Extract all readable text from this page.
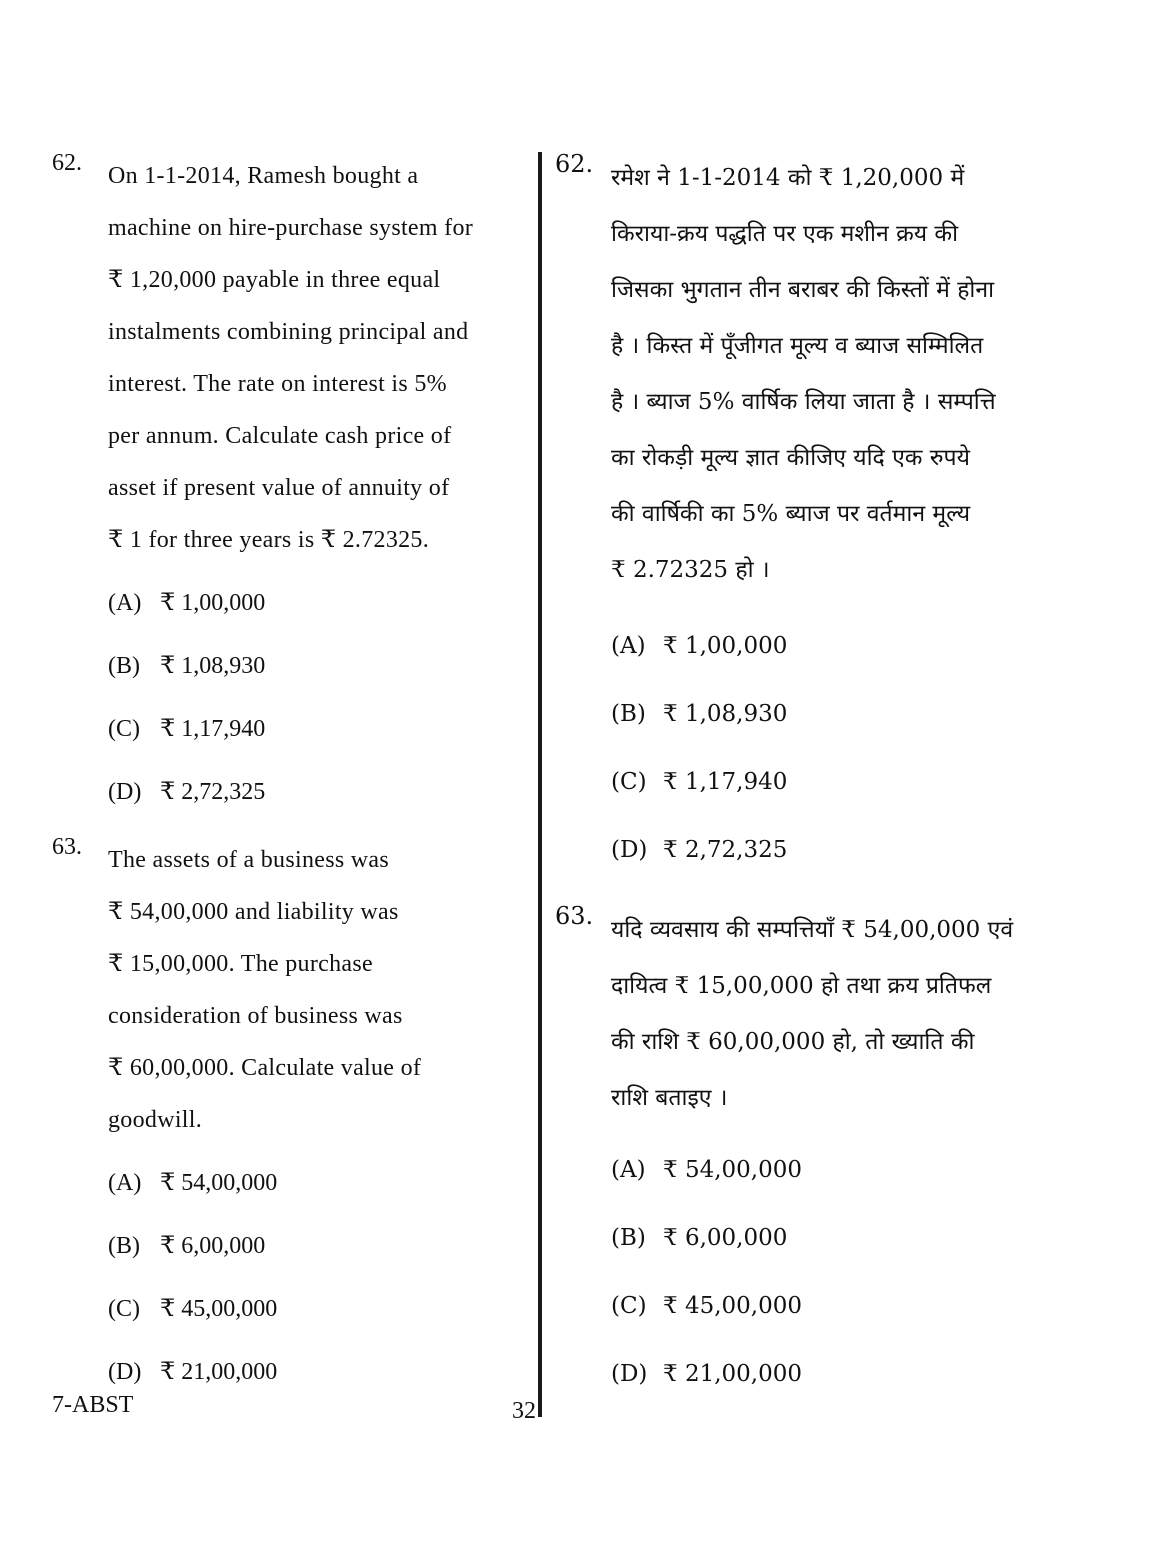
62. On 1-1-2014, Ramesh bought a
machine on hire-purchase system for
₹ 1,20,000 payable in three equal
instalments combining principal and
interest. The rate on interest is 5%
per annum. Calculate cash price of
asset if present value of annuity of
₹ 1 for three years is ₹ 2.72325.
(A) ₹ 1,00,000
(B) ₹ 1,08,930
(C) ₹ 1,17,940
(D) ₹ 2,72,325
63. The assets of a business was
₹ 54,00,000 and liability was
₹ 15,00,000. The purchase
consideration of business was
₹ 60,00,000. Calculate value of
goodwill.
(A) ₹ 54,00,000
(B) ₹ 6,00,000
(C) ₹ 45,00,000
(D) ₹ 21,00,000
62. रमेश ने 1-1-2014 को ₹ 1,20,000 में
किराया-क्रय पद्धति पर एक मशीन क्रय की
जिसका भुगतान तीन बराबर की किस्तों में होना
है । किस्त में पूँजीगत मूल्य व ब्याज सम्मिलित
है । ब्याज 5% वार्षिक लिया जाता है । सम्पत्ति
का रोकड़ी मूल्य ज्ञात कीजिए यदि एक रुपये
की वार्षिकी का 5% ब्याज पर वर्तमान मूल्य
₹ 2.72325 हो ।
(A) ₹ 1,00,000
(B) ₹ 1,08,930
(C) ₹ 1,17,940
(D) ₹ 2,72,325
63. यदि व्यवसाय की सम्पत्तियाँ ₹ 54,00,000 एवं
दायित्व ₹ 15,00,000 हो तथा क्रय प्रतिफल
की राशि ₹ 60,00,000 हो, तो ख्याति की
राशि बताइए ।
(A) ₹ 54,00,000
(B) ₹ 6,00,000
(C) ₹ 45,00,000
(D) ₹ 21,00,000
7-ABST	32
